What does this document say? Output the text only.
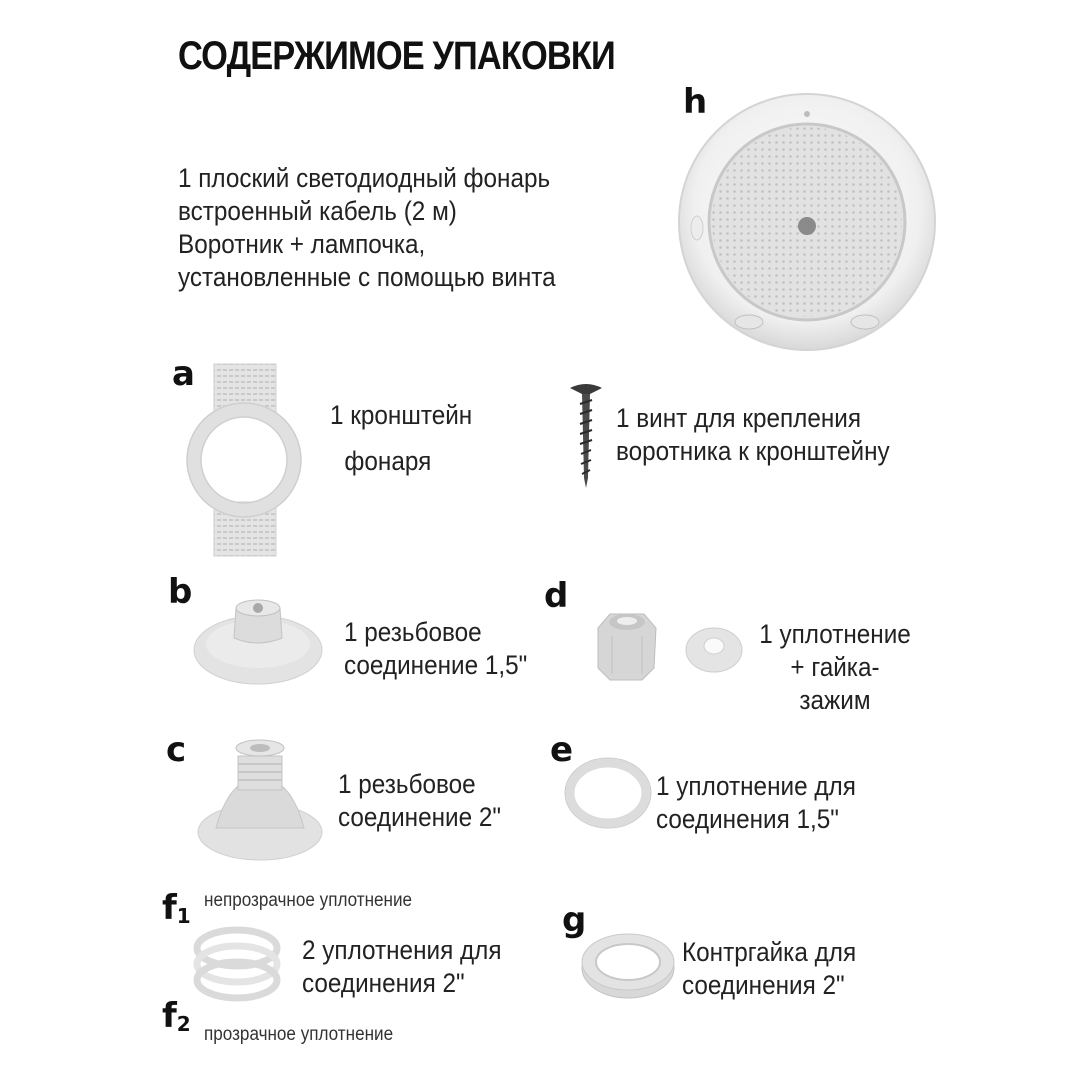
СОДЕРЖИМОЕ УПАКОВКИ
h
1 плоский светодиодный фонарь
встроенный кабель (2 м)
Воротник + лампочка,
установленные с помощью винта
a
1 кронштейн
фонаря
1 винт для крепления
воротника к кронштейну
b
1 резьбовое
соединение 1,5"
d
1 уплотнение
+ гайка-
зажим
c
1 резьбовое
соединение 2"
e
1 уплотнение для
соединения 1,5"
$f_1$
непрозрачное уплотнение
2 уплотнения для
соединения 2"
$f_2$ прозрачное уплотнение
g
Контргайка для
соединения 2"
